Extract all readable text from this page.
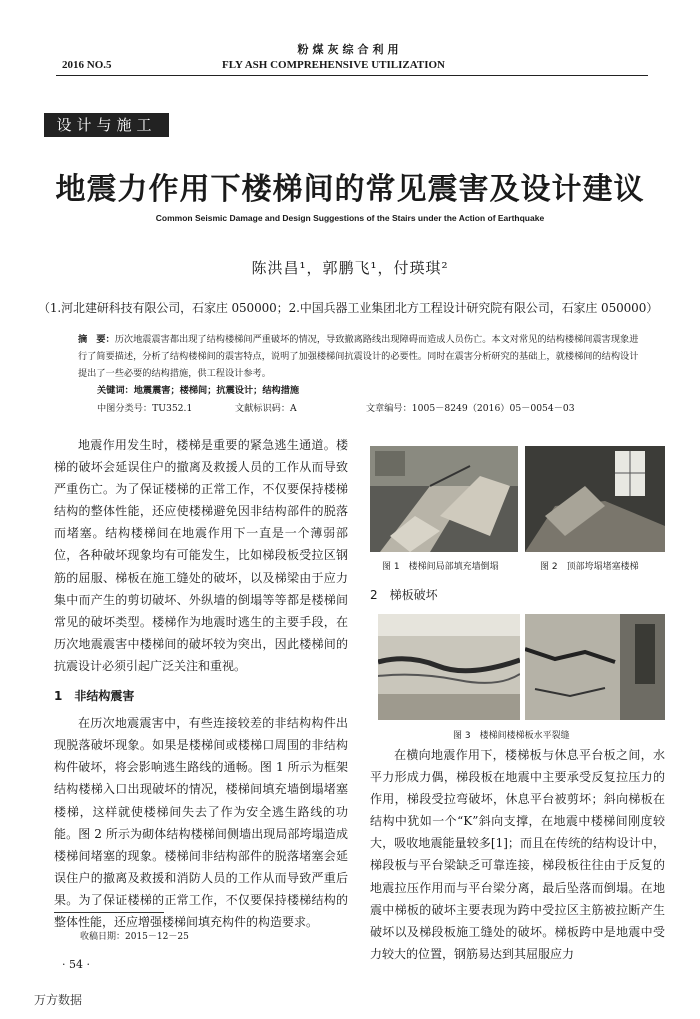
粉煤灰综合利用
2016 NO.5	FLY ASH COMPREHENSIVE UTILIZATION
设计与施工
地震力作用下楼梯间的常见震害及设计建议
Common Seismic Damage and Design Suggestions of the Stairs under the Action of Earthquake
陈洪昌¹，郭鹏飞¹，付瑛琪²
（1.河北建研科技有限公司，石家庄 050000；2.中国兵器工业集团北方工程设计研究院有限公司，石家庄 050000）
摘　要：历次地震震害都出现了结构楼梯间严重破坏的情况，导致撤离路线出现障碍而造成人员伤亡。本文对常见的结构楼梯间震害现象进行了简要描述，分析了结构楼梯间的震害特点，说明了加强楼梯间抗震设计的必要性。同时在震害分析研究的基础上，就楼梯间的结构设计提出了一些必要的结构措施，供工程设计参考。
关键词：地震震害；楼梯间；抗震设计；结构措施
中图分类号：TU352.1	文献标识码：A	文章编号：1005－8249（2016）05－0054－03

地震作用发生时，楼梯是重要的紧急逃生通道。楼梯的破坏会延误住户的撤离及救援人员的工作从而导致严重伤亡。为了保证楼梯的正常工作，不仅要保持楼梯结构的整体性能，还应使楼梯避免因非结构部件的脱落而堵塞。结构楼梯间在地震作用下一直是一个薄弱部位，各种破坏现象均有可能发生，比如梯段板受拉区钢筋的屈服、梯板在施工缝处的破坏，以及梯梁由于应力集中而产生的剪切破坏、外纵墙的倒塌等等都是楼梯间常见的破坏类型。楼梯作为地震时逃生的主要手段，在历次地震震害中楼梯间的破坏较为突出，因此楼梯间的抗震设计必须引起广泛关注和重视。

1　非结构震害

在历次地震震害中，有些连接较差的非结构构件出现脱落破坏现象。如果是楼梯间或楼梯口周围的非结构构件破坏，将会影响逃生路线的通畅。图 1 所示为框架结构楼梯入口出现破坏的情况，楼梯间填充墙倒塌堵塞楼梯，这样就使楼梯间失去了作为安全逃生路线的功能。图 2 所示为砌体结构楼梯间侧墙出现局部垮塌造成楼梯间堵塞的现象。楼梯间非结构部件的脱落堵塞会延误住户的撤离及救援和消防人员的工作从而导致严重后果。为了保证楼梯的正常工作，不仅要保持楼梯结构的整体性能，还应增强楼梯间填充构件的构造要求。

收稿日期：2015－12－25
· 54 ·
图 1　楼梯间局部填充墙倒塌	图 2　顶部垮塌堵塞楼梯
2　梯板破坏
图 3　楼梯间楼梯板水平裂缝

在横向地震作用下，楼梯板与休息平台板之间，水平力形成力偶，梯段板在地震中主要承受反复拉压力的作用，梯段受拉弯破坏，休息平台被剪坏；斜向梯板在结构中犹如一个“K”斜向支撑，在地震中楼梯间刚度较大，吸收地震能量较多[1]；而且在传统的结构设计中，梯段板与平台梁缺乏可靠连接，梯段板往往由于反复的地震拉压作用而与平台梁分离，最后坠落而倒塌。在地震中梯板的破坏主要表现为跨中受拉区主筋被拉断产生破坏以及梯段板施工缝处的破坏。梯板跨中是地震中受力较大的位置，钢筋易达到其屈服应力

万方数据
